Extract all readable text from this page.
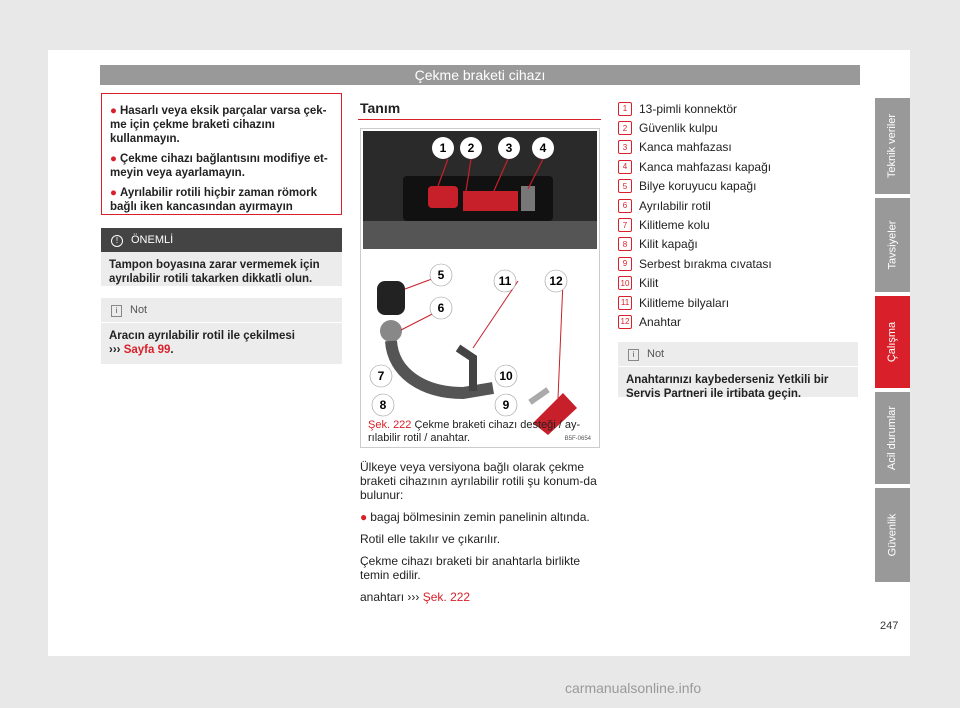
Çekme braketi cihazı

● Hasarlı veya eksik parçalar varsa çek-me için çekme braketi cihazını kullanmayın.

● Çekme cihazı bağlantısını modifiye et-meyin veya ayarlamayın.

● Ayrılabilir rotili hiçbir zaman römork bağlı iken kancasından ayırmayın

! ÖNEMLİ
Tampon boyasına zarar vermemek için ayrılabilir rotili takarken dikkatli olun.
i Not
Aracın ayrılabilir rotil ile çekilmesi
››› Sayfa 99.
Tanım
1 2	3 4
5
6
11	12
7
8
10
9
B5F-0654
Şek. 222 Çekme braketi cihazı desteği / ay-rılabilir rotil / anahtar.

Ülkeye veya versiyona bağlı olarak çekme braketi cihazının ayrılabilir rotili şu konum-da bulunur:

● bagaj bölmesinin zemin panelinin altında.

Rotil elle takılır ve çıkarılır.

Çekme cihazı braketi bir anahtarla birlikte temin edilir.

anahtarı ››› Şek. 222

1 13-pimli konnektör
2 Güvenlik kulpu
3 Kanca mahfazası
4 Kanca mahfazası kapağı
5 Bilye koruyucu kapağı
6 Ayrılabilir rotil
7 Kilitleme kolu
8 Kilit kapağı
9 Serbest bırakma cıvatası
10 Kilit
11 Kilitleme bilyaları
12 Anahtar
i Not
Anahtarınızı kaybederseniz Yetkili bir Servis Partneri ile irtibata geçin.
Teknik veriler
Tavsiyeler
Çalışma
Acil durumlar
Güvenlik
247
carmanualsonline.info
